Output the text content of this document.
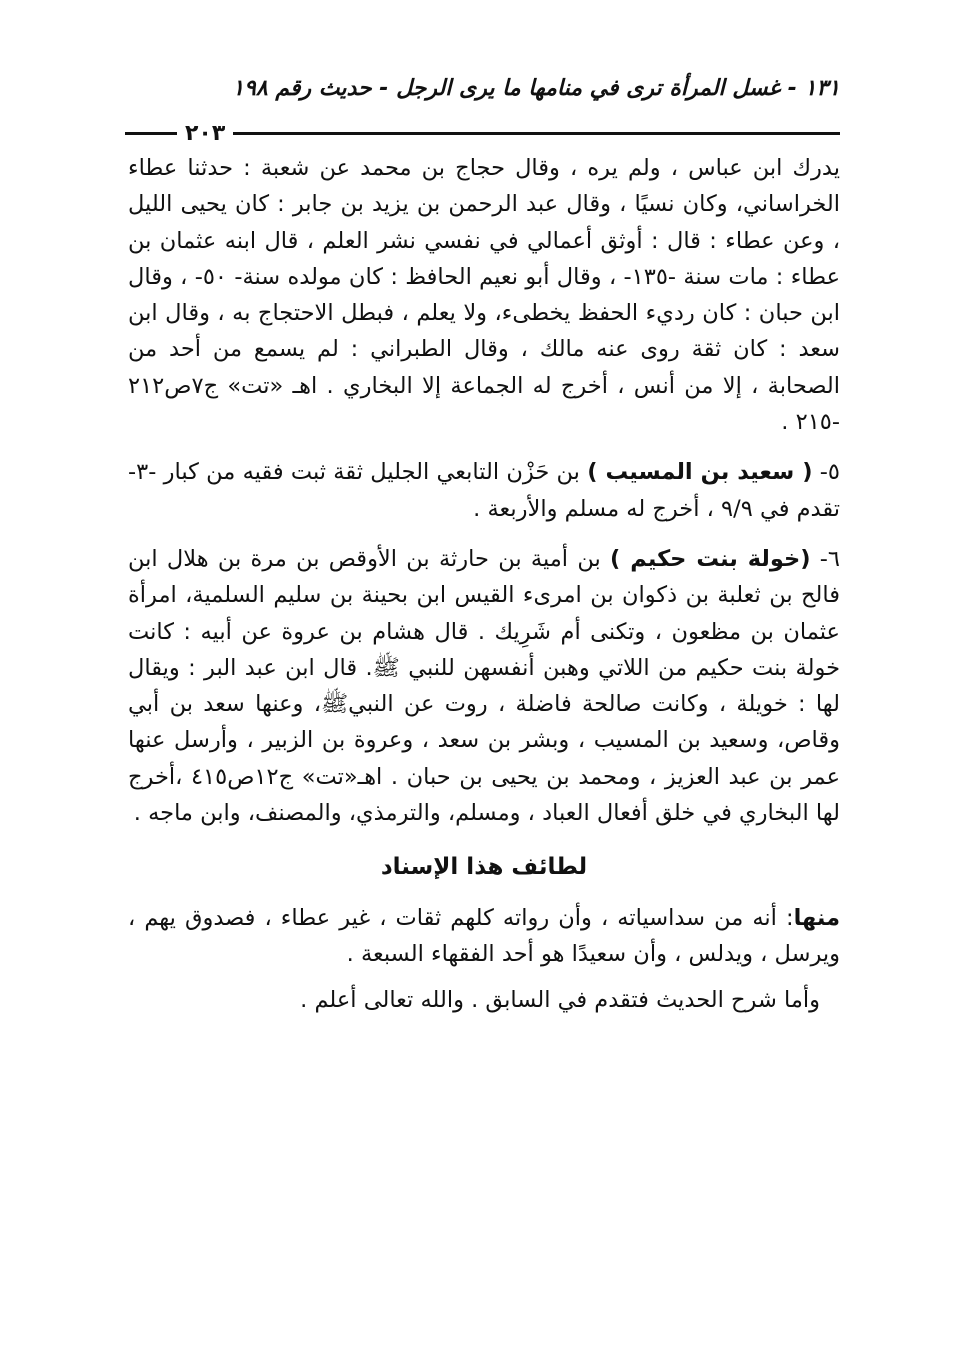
١٣١ - غسل المرأة ترى في منامها ما يرى الرجل - حديث رقم ١٩٨
٢٠٣

يدرك ابن عباس ، ولم يره ، وقال حجاج بن محمد عن شعبة : حدثنا عطاء الخراساني، وكان نسيًا ، وقال عبد الرحمن بن يزيد بن جابر : كان يحيى الليل ، وعن عطاء : قال : أوثق أعمالي في نفسي نشر العلم ، قال ابنه عثمان بن عطاء : مات سنة -١٣٥- ، وقال أبو نعيم الحافظ : كان مولده سنة- ٥٠- ، وقال ابن حبان : كان رديء الحفظ يخطىء، ولا يعلم ، فبطل الاحتجاج به ، وقال ابن سعد : كان ثقة روى عنه مالك ، وقال الطبراني : لم يسمع من أحد من الصحابة ، إلا من أنس ، أخرج له الجماعة إلا البخاري . اهـ «تت» ج٧ص٢١٢ -٢١٥ .

٥- ( سعيد بن المسيب ) بن حَزْن التابعي الجليل ثقة ثبت فقيه من كبار -٣- تقدم في ٩/٩ ، أخرج له مسلم والأربعة .

٦- (خولة بنت حكيم ) بن أمية بن حارثة بن الأوقص بن مرة بن هلال ابن فالح بن ثعلبة بن ذكوان بن امرىء القيس ابن بحينة بن سليم السلمية، امرأة عثمان بن مظعون ، وتكنى أم شَرِيك . قال هشام بن عروة عن أبيه : كانت خولة بنت حكيم من اللاتي وهبن أنفسهن للنبي ﷺ. قال ابن عبد البر : ويقال لها : خويلة ، وكانت صالحة فاضلة ، روت عن النبيﷺ، وعنها سعد بن أبي وقاص، وسعيد بن المسيب ، وبشر بن سعد ، وعروة بن الزبير ، وأرسل عنها عمر بن عبد العزيز ، ومحمد بن يحيى بن حبان . اهـ«تت» ج١٢ص٤١٥ ،أخرج لها البخاري في خلق أفعال العباد ، ومسلم، والترمذي، والمصنف، وابن ماجه .

لطائف هذا الإسناد

منها: أنه من سداسياته ، وأن رواته كلهم ثقات ، غير عطاء ، فصدوق يهم ، ويرسل ، ويدلس ، وأن سعيدًا هو أحد الفقهاء السبعة .

وأما شرح الحديث فتقدم في السابق . والله تعالى أعلم .
